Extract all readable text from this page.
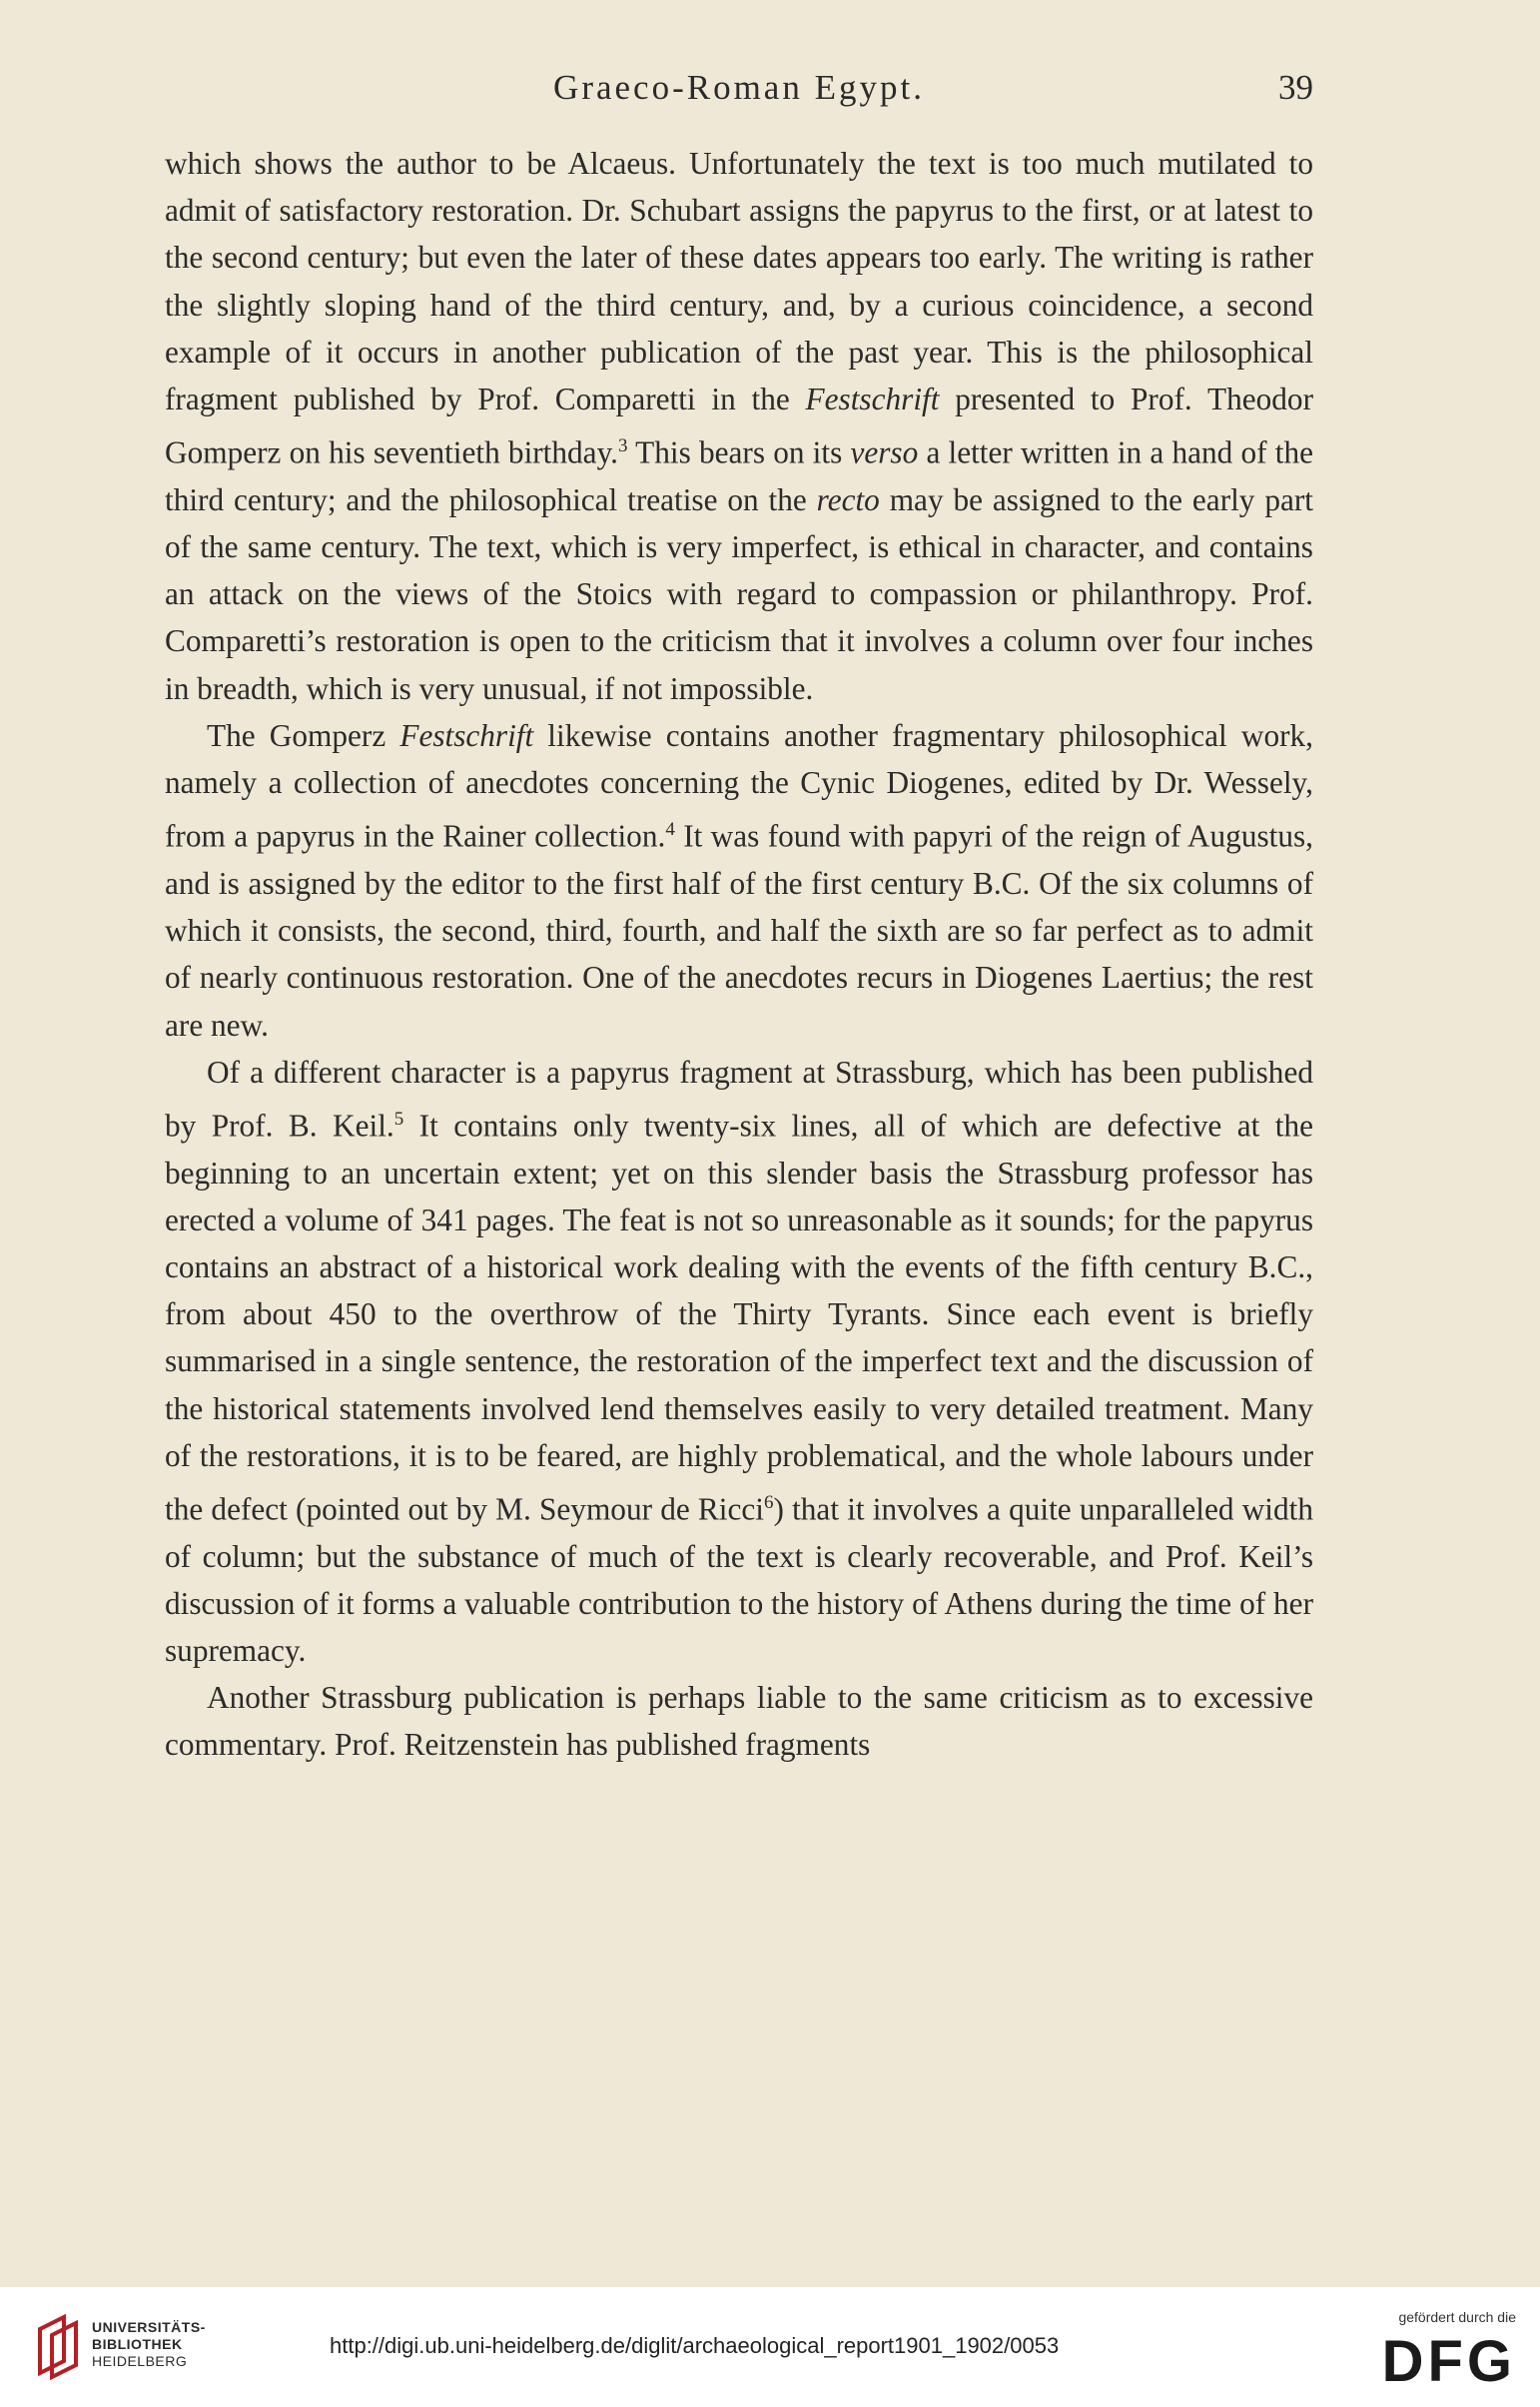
Graeco-Roman Egypt.	39

which shows the author to be Alcaeus. Unfortunately the text is too much mutilated to admit of satisfactory restoration. Dr. Schubart assigns the papyrus to the first, or at latest to the second century; but even the later of these dates appears too early. The writing is rather the slightly sloping hand of the third century, and, by a curious coincidence, a second example of it occurs in another publication of the past year. This is the philosophical fragment published by Prof. Comparetti in the Festschrift presented to Prof. Theodor Gomperz on his seventieth birthday.$^3$ This bears on its verso a letter written in a hand of the third century; and the philosophical treatise on the recto may be assigned to the early part of the same century. The text, which is very imperfect, is ethical in character, and contains an attack on the views of the Stoics with regard to compassion or philanthropy. Prof. Comparetti’s restoration is open to the criticism that it involves a column over four inches in breadth, which is very unusual, if not impossible.

The Gomperz Festschrift likewise contains another fragmentary philosophical work, namely a collection of anecdotes concerning the Cynic Diogenes, edited by Dr. Wessely, from a papyrus in the Rainer collection.$^4$ It was found with papyri of the reign of Augustus, and is assigned by the editor to the first half of the first century B.C. Of the six columns of which it consists, the second, third, fourth, and half the sixth are so far perfect as to admit of nearly continuous restoration. One of the anecdotes recurs in Diogenes Laertius; the rest are new.

Of a different character is a papyrus fragment at Strassburg, which has been published by Prof. B. Keil.$^5$ It contains only twenty-six lines, all of which are defective at the beginning to an uncertain extent; yet on this slender basis the Strassburg professor has erected a volume of 341 pages. The feat is not so unreasonable as it sounds; for the papyrus contains an abstract of a historical work dealing with the events of the fifth century B.C., from about 450 to the overthrow of the Thirty Tyrants. Since each event is briefly summarised in a single sentence, the restoration of the imperfect text and the discussion of the historical statements involved lend themselves easily to very detailed treatment. Many of the restorations, it is to be feared, are highly problematical, and the whole labours under the defect (pointed out by M. Seymour de Ricci$^6$) that it involves a quite unparalleled width of column; but the substance of much of the text is clearly recoverable, and Prof. Keil’s discussion of it forms a valuable contribution to the history of Athens during the time of her supremacy.

Another Strassburg publication is perhaps liable to the same criticism as to excessive commentary. Prof. Reitzenstein has published fragments

UNIVERSITÄTS-
BIBLIOTHEK
HEIDELBERG
http://digi.ub.uni-heidelberg.de/diglit/archaeological_report1901_1902/0053
gefördert durch die
DFG
